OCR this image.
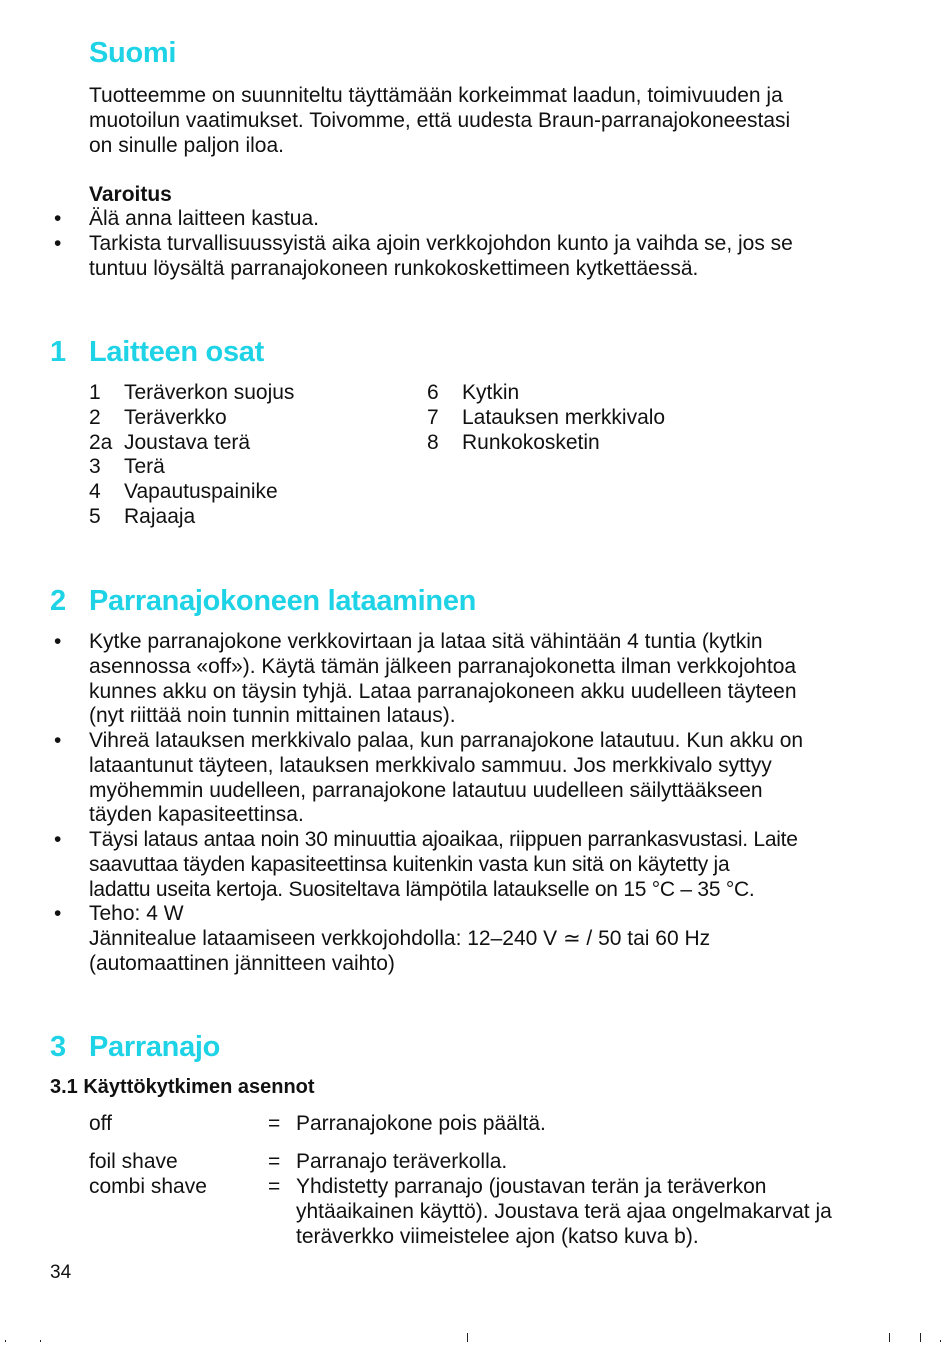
Suomi
Tuotteemme on suunniteltu täyttämään korkeimmat laadun, toimivuuden ja
muotoilun vaatimukset. Toivomme, että uudesta Braun-parranajokoneestasi
on sinulle paljon iloa.
Varoitus
• Älä anna laitteen kastua.
• Tarkista turvallisuussyistä aika ajoin verkkojohdon kunto ja vaihda se, jos se
tuntuu löysältä parranajokoneen runkokoskettimeen kytkettäessä.
1 Laitteen osat
1 Teräverkon suojus
2 Teräverkko
2a Joustava terä
3 Terä
4 Vapautuspainike
5 Rajaaja
6 Kytkin
7 Latauksen merkkivalo
8 Runkokosketin
2 Parranajokoneen lataaminen
• Kytke parranajokone verkkovirtaan ja lataa sitä vähintään 4 tuntia (kytkin
asennossa «off»). Käytä tämän jälkeen parranajokonetta ilman verkkojohtoa
kunnes akku on täysin tyhjä. Lataa parranajokoneen akku uudelleen täyteen
(nyt riittää noin tunnin mittainen lataus).
• Vihreä latauksen merkkivalo palaa, kun parranajokone latautuu. Kun akku on
lataantunut täyteen, latauksen merkkivalo sammuu. Jos merkkivalo syttyy
myöhemmin uudelleen, parranajokone latautuu uudelleen säilyttääkseen
täyden kapasiteettinsa.
• Täysi lataus antaa noin 30 minuuttia ajoaikaa, riippuen parrankasvustasi. Laite
saavuttaa täyden kapasiteettinsa kuitenkin vasta kun sitä on käytetty ja
ladattu useita kertoja. Suositeltava lämpötila lataukselle on 15 °C – 35 °C.
• Teho: 4 W
Jännitealue lataamiseen verkkojohdolla: 12–240 V ≃ / 50 tai 60 Hz
(automaattinen jännitteen vaihto)
3 Parranajo
3.1 Käyttökytkimen asennot
off	= Parranajokone pois päältä.
foil shave	= Parranajo teräverkolla.
combi shave	= Yhdistetty parranajo (joustavan terän ja teräverkon
yhtäaikainen käyttö). Joustava terä ajaa ongelmakarvat ja
teräverkko viimeistelee ajon (katso kuva b).
34
